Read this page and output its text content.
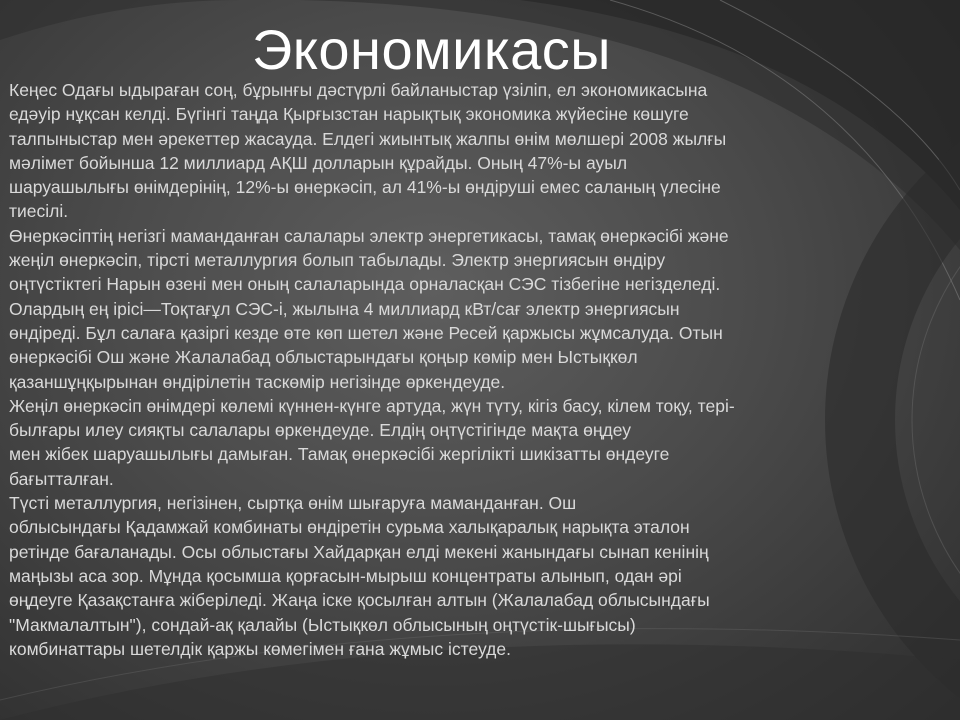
Экономикасы
Кеңес Одағы ыдыраған соң, бұрынғы дәстүрлі байланыстар үзіліп, ел экономикасына
едәуір нұқсан келді. Бүгінгі таңда Қырғызстан нарықтық экономика жүйесіне көшуге
талпыныстар мен әрекеттер жасауда. Елдегі жиынтық жалпы өнім мөлшері 2008 жылғы
мәлімет бойынша 12 миллиард АҚШ долларын құрайды. Оның 47%-ы ауыл
шаруашылығы өнімдерінің, 12%-ы өнеркәсіп, ал 41%-ы өндіруші емес саланың үлесіне
тиесілі.
Өнеркәсіптің негізгі маманданған салалары электр энергетикасы, тамақ өнеркәсібі және
жеңіл өнеркәсіп, тірсті металлургия болып табылады. Электр энергиясын өндіру
оңтүстіктегі Нарын өзені мен оның салаларында орналасқан СЭС тізбегіне негізделеді.
Олардың ең ірісі—Тоқтағұл СЭС-і, жылына 4 миллиард кВт/сағ электр энергиясын
өндіреді. Бұл салаға қазіргі кезде өте көп шетел және Ресей қаржысы жұмсалуда. Отын
өнеркәсібі Ош және Жалалабад облыстарындағы қоңыр көмір мен Ыстықкөл
қазаншұңқырынан өндірілетін таскөмір негізінде өркендеуде.
Жеңіл өнеркәсіп өнімдері көлемі күннен-күнге артуда, жүн түту, кігіз басу, кілем тоқу, тері-
былғары илеу сияқты салалары өркендеуде. Елдің оңтүстігінде мақта өңдеу
мен жібек шаруашылығы дамыған. Тамақ өнеркәсібі жергілікті шикізатты өндеуге
бағытталған.
Түсті металлургия, негізінен, сыртқа өнім шығаруға маманданған. Ош
облысындағы Қадамжай комбинаты өндіретін сурьма халықаралық нарықта эталон
ретінде бағаланады. Осы облыстағы Хайдарқан елді мекені жанындағы сынап кенінің
маңызы аса зор. Мұнда қосымша қорғасын-мырыш концентраты алынып, одан әрі
өңдеуге Қазақстанға жіберіледі. Жаңа іске қосылған алтын (Жалалабад облысындағы
"Макмалалтын"), сондай-ақ қалайы (Ыстықкөл облысының оңтүстік-шығысы)
комбинаттары шетелдік қаржы көмегімен ғана жұмыс істеуде.
